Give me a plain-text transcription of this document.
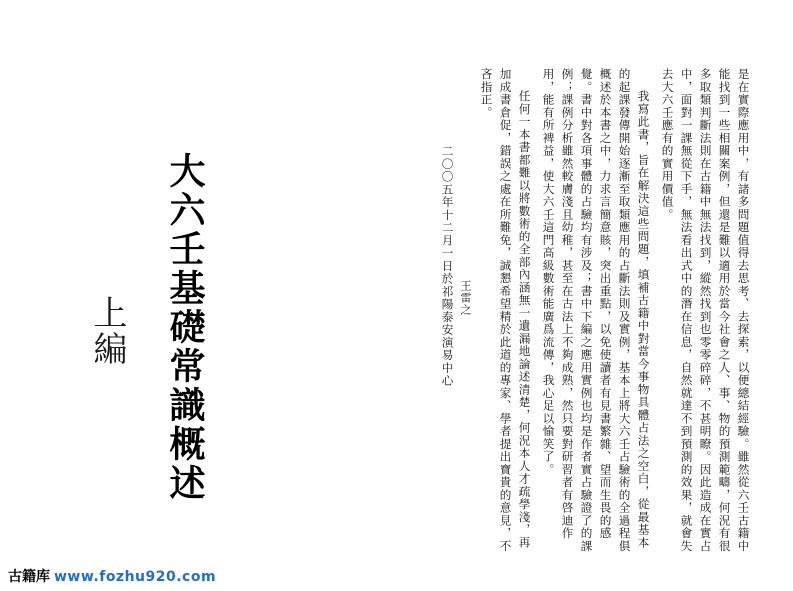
大六壬基礎常識概述
上編	是在實際應用中，有諸多問題值得去思考、去探索，以便總結經驗。雖然從六壬古籍中
能找到一些相關案例，但還是難以適用於當今社會之人、事、物的預測範疇，何況有很
多取類判斷法則在古籍中無法找到，縱然找到也零零碎碎，不甚明瞭。因此造成在實占
中，面對一課無從下手，無法看出式中的潛在信息，自然就達不到預測的效果，就會失
去大六壬應有的實用價值。
我寫此書，旨在解決這些問題，填補古籍中對當今事物具體占法之空白，從最基本
的起課發傳開始逐漸至取類應用的占斷法則及實例，基本上將大六壬占驗術的全過程俱
概述於本書之中，力求言簡意賅，突出重點，以免使讀者有見書繁雜、望而生畏的感
覺。書中對各項事體的占驗均有涉及；書中下編之應用實例也均是作者實占驗證了的課
例；課例分析雖然較膚淺且幼稚，甚至在古法上不夠成熟，然只要對研習者有啓迪作
用，能有所裨益，使大六壬這門高級數術能廣爲流傳，我心足以愉笑了。
任何一本書都難以將數術的全部內涵無一遺漏地論述清楚，何況本人才疏學淺，再
加成書倉促，錯誤之處在所難免，誠懇希望精於此道的專家、學者提出寶貴的意見，不
吝指正。
王雷之
二〇〇五年十二月一日於祁陽泰安演易中心
古籍库 www.fozhu920.com
